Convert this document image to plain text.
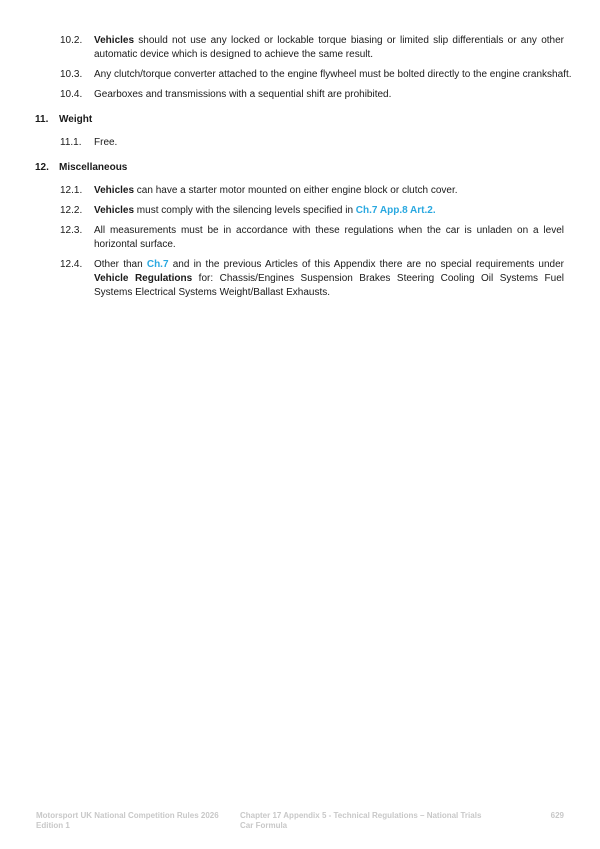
10.2. Vehicles should not use any locked or lockable torque biasing or limited slip differentials or any other automatic device which is designed to achieve the same result.
10.3. Any clutch/torque converter attached to the engine flywheel must be bolted directly to the engine crankshaft.
10.4. Gearboxes and transmissions with a sequential shift are prohibited.
11. Weight
11.1. Free.
12. Miscellaneous
12.1. Vehicles can have a starter motor mounted on either engine block or clutch cover.
12.2. Vehicles must comply with the silencing levels specified in Ch.7 App.8 Art.2.
12.3. All measurements must be in accordance with these regulations when the car is unladen on a level horizontal surface.
12.4. Other than Ch.7 and in the previous Articles of this Appendix there are no special requirements under Vehicle Regulations for: Chassis/Engines Suspension Brakes Steering Cooling Oil Systems Fuel Systems Electrical Systems Weight/Ballast Exhausts.
Motorsport UK National Competition Rules 2026
Edition 1
Chapter 17 Appendix 5 - Technical Regulations – National Trials
Car Formula
629
